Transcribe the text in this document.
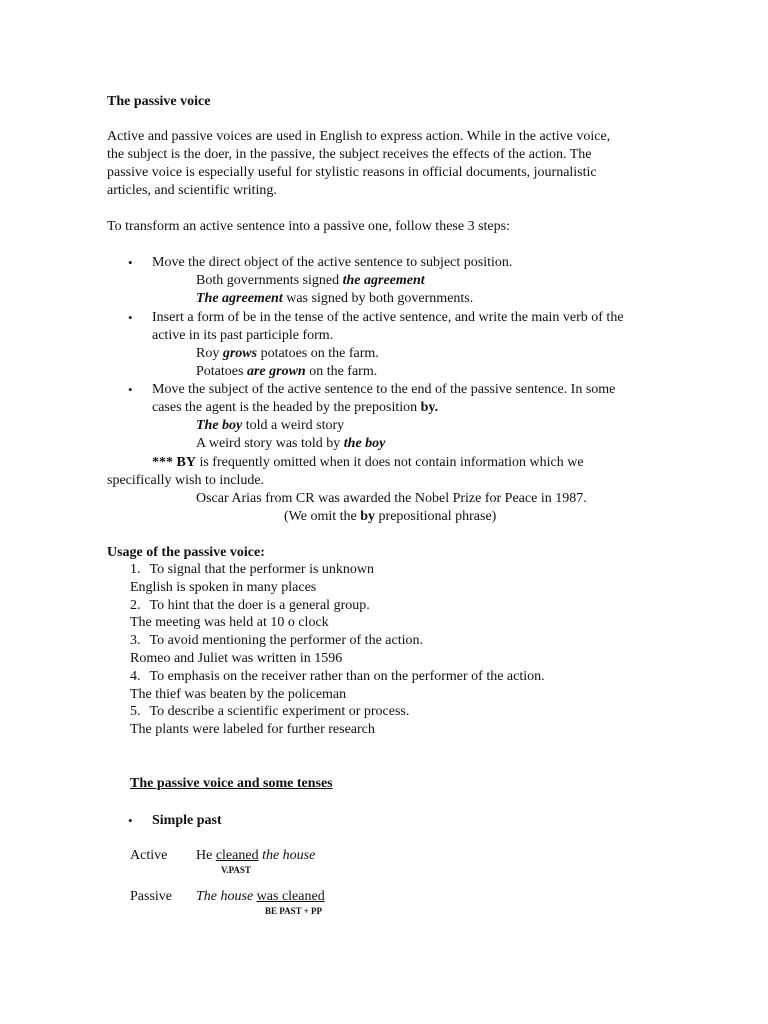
The passive voice
Active and passive voices are used in English to express action. While in the active voice,
the subject is the doer, in the passive, the subject receives the effects of the action. The
passive voice is especially useful for stylistic reasons in official documents, journalistic
articles, and scientific writing.
To transform an active sentence into a passive one, follow these 3 steps:
• Move the direct object of the active sentence to subject position.
Both governments signed the agreement
The agreement was signed by both governments.
• Insert a form of be in the tense of the active sentence, and write the main verb of the
active in its past participle form.
Roy grows potatoes on the farm.
Potatoes are grown on the farm.
• Move the subject of the active sentence to the end of the passive sentence. In some
cases the agent is the headed by the preposition by.
The boy told a weird story
A weird story was told by the boy
*** BY is frequently omitted when it does not contain information which we
specifically wish to include.
Oscar Arias from CR was awarded the Nobel Prize for Peace in 1987.
(We omit the by prepositional phrase)
Usage of the passive voice:
1. To signal that the performer is unknown
English is spoken in many places
2. To hint that the doer is a general group.
The meeting was held at 10 o clock
3. To avoid mentioning the performer of the action.
Romeo and Juliet was written in 1596
4. To emphasis on the receiver rather than on the performer of the action.
The thief was beaten by the policeman
5. To describe a scientific experiment or process.
The plants were labeled for further research
The passive voice and some tenses
• Simple past
Active He cleaned the house
V.PAST
Passive The house was cleaned
BE PAST + PP
